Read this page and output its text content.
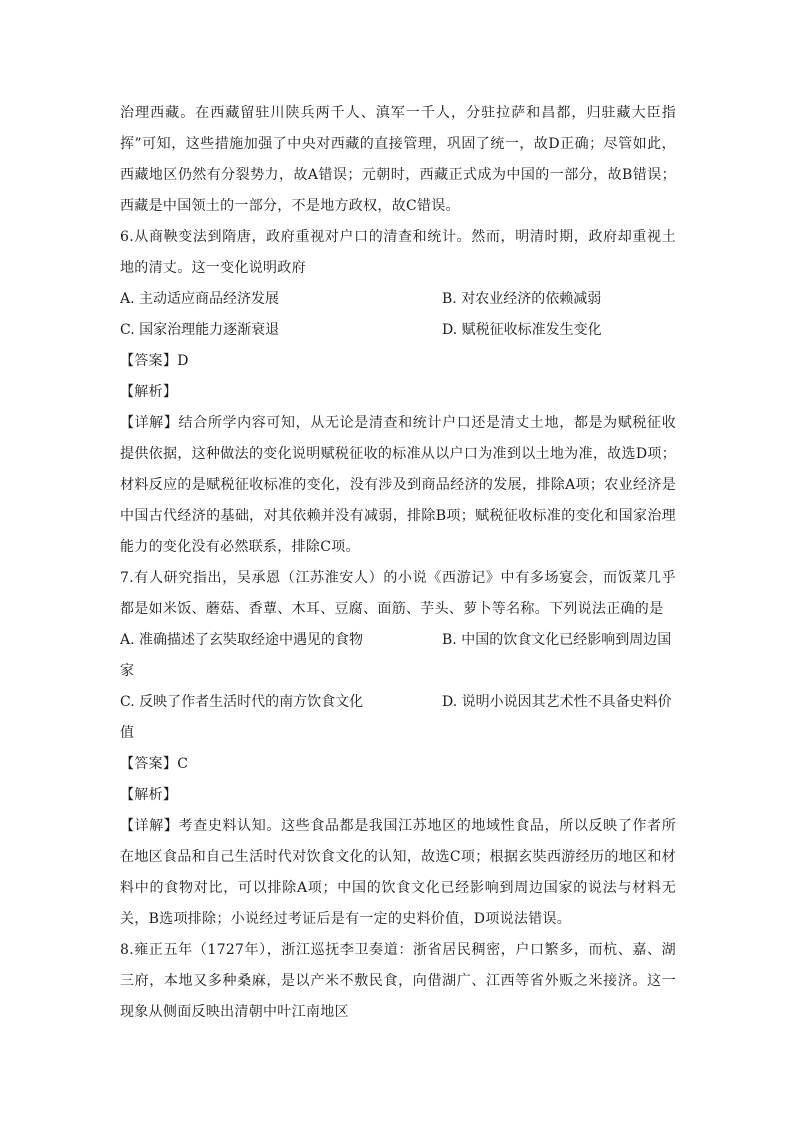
治理西藏。在西藏留驻川陕兵两千人、滇军一千人，分驻拉萨和昌都，归驻藏大臣指挥”可知，这些措施加强了中央对西藏的直接管理，巩固了统一，故D正确；尽管如此，西藏地区仍然有分裂势力，故A错误；元朝时，西藏正式成为中国的一部分，故B错误；西藏是中国领土的一部分，不是地方政权，故C错误。

6.从商鞅变法到隋唐，政府重视对户口的清查和统计。然而，明清时期，政府却重视土地的清丈。这一变化说明政府

A. 主动适应商品经济发展	B. 对农业经济的依赖减弱
C. 国家治理能力逐渐衰退	D. 赋税征收标准发生变化

【答案】D

【解析】

【详解】结合所学内容可知，从无论是清查和统计户口还是清丈土地，都是为赋税征收提供依据，这种做法的变化说明赋税征收的标准从以户口为准到以土地为准，故选D项；材料反应的是赋税征收标准的变化，没有涉及到商品经济的发展，排除A项；农业经济是中国古代经济的基础，对其依赖并没有减弱，排除B项；赋税征收标准的变化和国家治理能力的变化没有必然联系，排除C项。

7.有人研究指出，吴承恩（江苏淮安人）的小说《西游记》中有多场宴会，而饭菜几乎都是如米饭、蘑菇、香蕈、木耳、豆腐、面筋、芋头、萝卜等名称。下列说法正确的是

A. 准确描述了玄奘取经途中遇见的食物	B. 中国的饮食文化已经影响到周边国

家

C. 反映了作者生活时代的南方饮食文化	D. 说明小说因其艺术性不具备史料价

值

【答案】C

【解析】

【详解】考查史料认知。这些食品都是我国江苏地区的地域性食品，所以反映了作者所在地区食品和自己生活时代对饮食文化的认知，故选C项；根据玄奘西游经历的地区和材料中的食物对比，可以排除A项；中国的饮食文化已经影响到周边国家的说法与材料无关，B选项排除；小说经过考证后是有一定的史料价值，D项说法错误。

8.雍正五年（1727年），浙江巡抚李卫奏道：浙省居民稠密，户口繁多，而杭、嘉、湖三府，本地又多种桑麻，是以产米不敷民食，向借湖广、江西等省外贩之米接济。这一现象从侧面反映出清朝中叶江南地区
